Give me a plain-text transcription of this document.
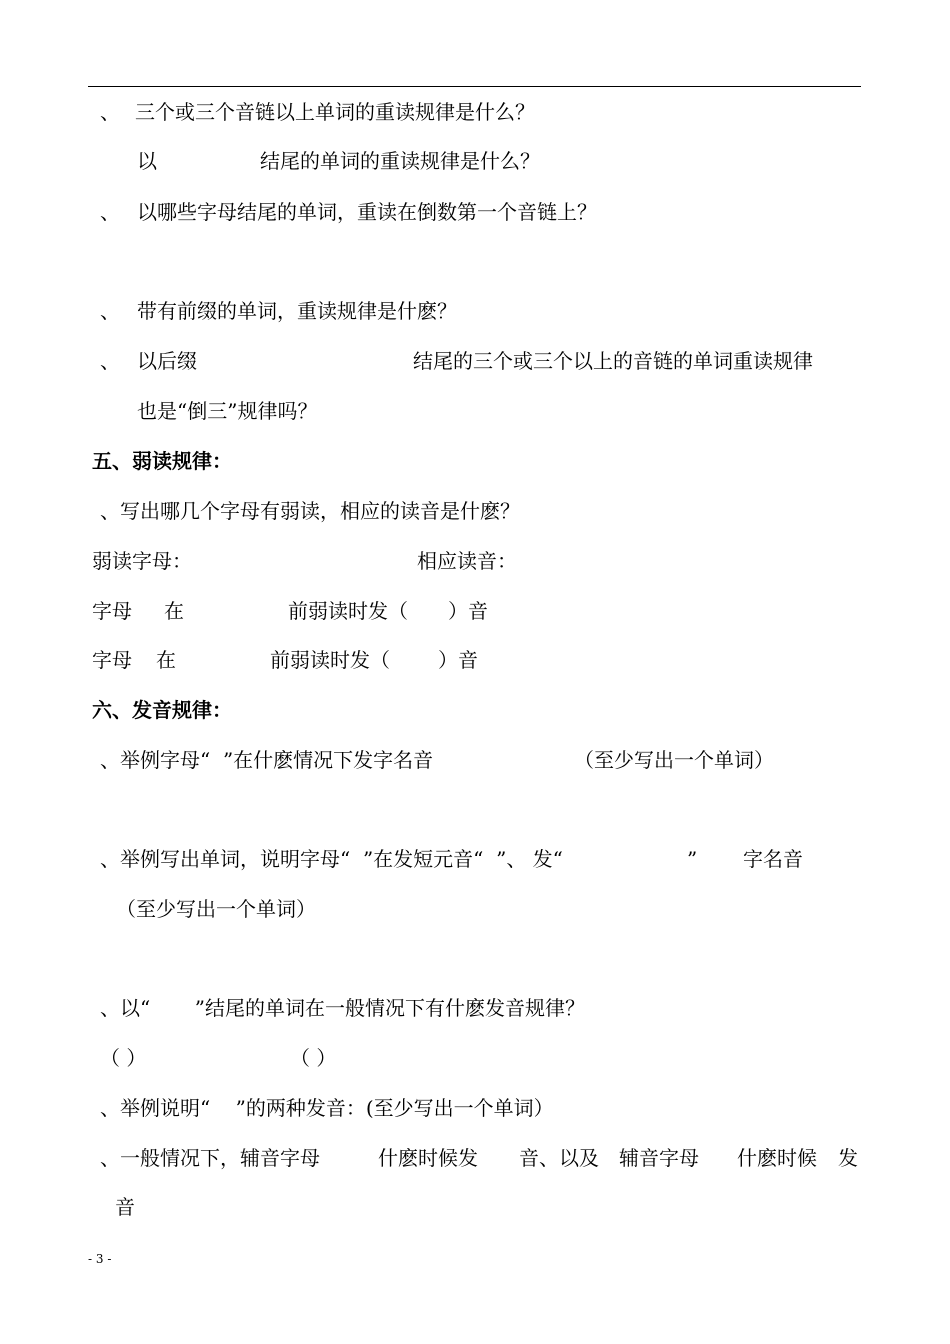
、 三个或三个音链以上单词的重读规律是什么？
以	结尾的单词的重读规律是什么？
、 以哪些字母结尾的单词，重读在倒数第一个音链上？
、 带有前缀的单词，重读规律是什麽？
、 以后缀	结尾的三个或三个以上的音链的单词重读规律
也是“倒三”规律吗？
五、弱读规律：
、写出哪几个字母有弱读，相应的读音是什麽？
弱读字母：	相应读音：
字母 在	前弱读时发（ ）音
字母 在	前弱读时发（ ）音
六、发音规律：
、举例字母“  ”在什麽情况下发字名音	（至少写出一个单词）
、举例写出单词，说明字母“  ”在发短元音“  ”、 发“	” 字名音
（至少写出一个单词）
、以“       ”结尾的单词在一般情况下有什麽发音规律？
（ ）	（ ）
、举例说明“    ”的两种发音：(至少写出一个单词）
、一般情况下，辅音字母	什麽时候发 音、以及 辅音字母 什麽时候 发
音
- 3 -
